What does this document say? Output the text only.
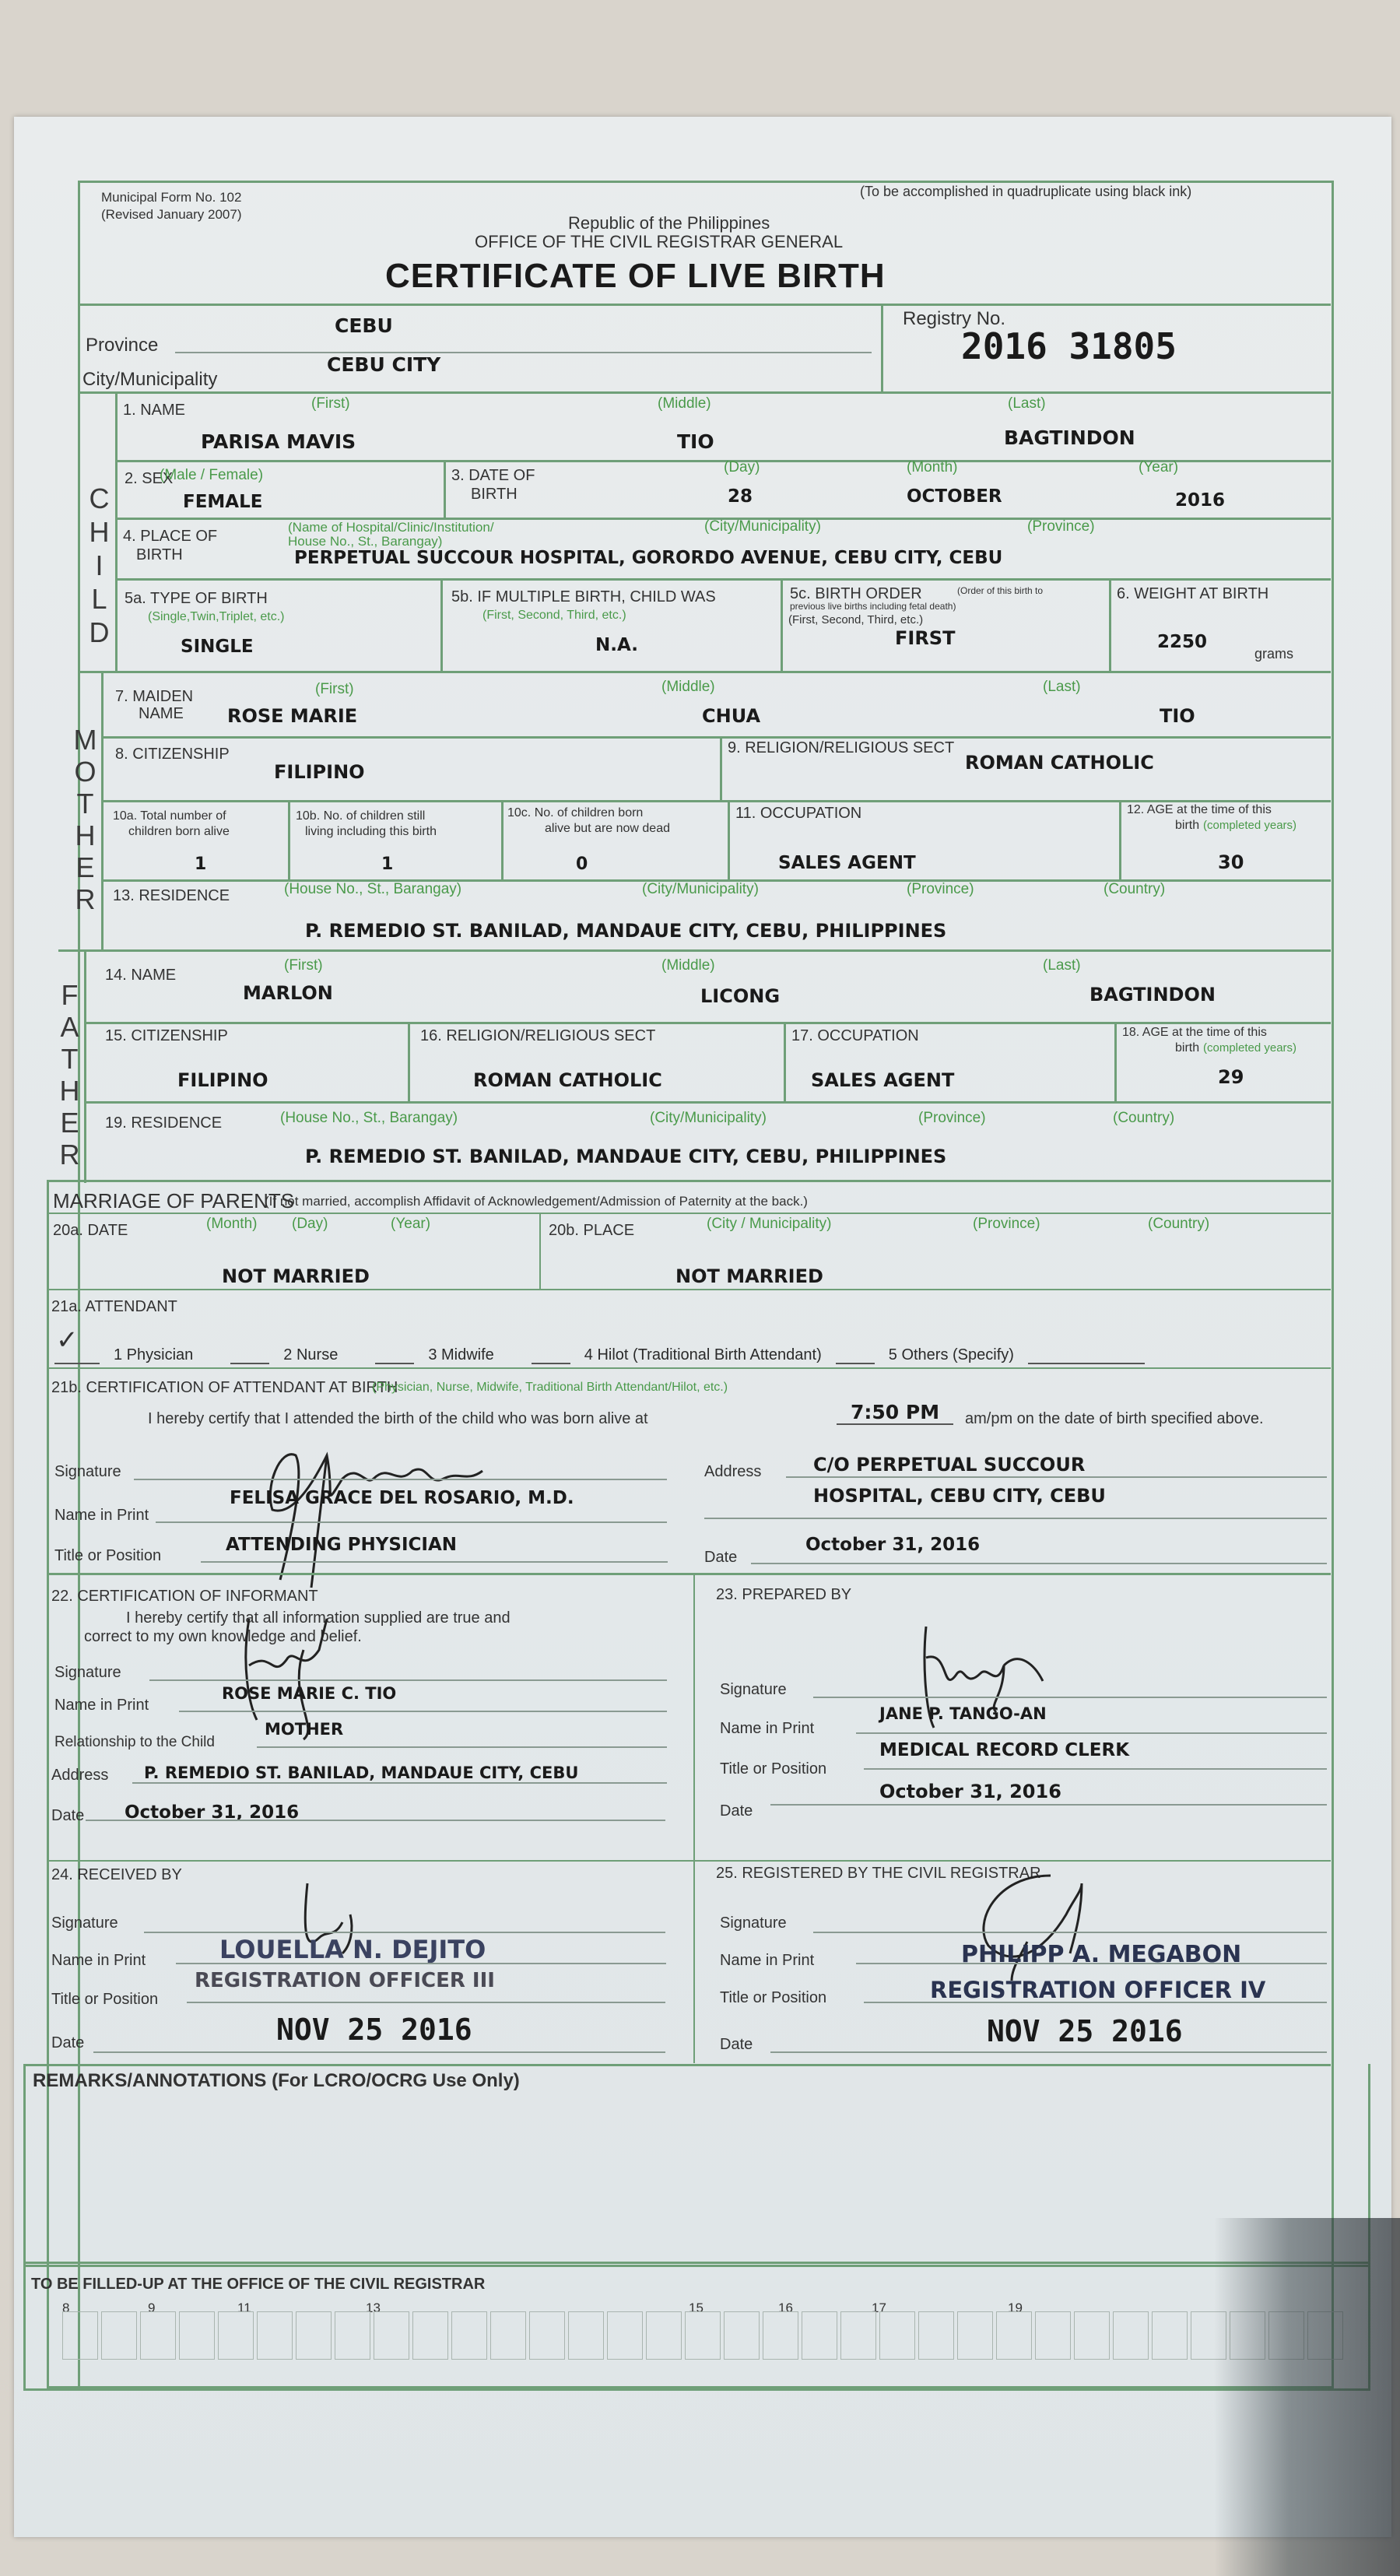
Municipal Form No. 102
(Revised January 2007)
(To be accomplished in quadruplicate using black ink)
Republic of the Philippines
OFFICE OF THE CIVIL REGISTRAR GENERAL
CERTIFICATE OF LIVE BIRTH
Province
CEBU
City/Municipality
CEBU CITY
Registry No.
2016 31805
CHILD
1. NAME	(First)	(Middle)	(Last)
PARISA MAVIS	TIO	BAGTINDON
2. SEX
(Male / Female)
FEMALE
3. DATE OF
BIRTH
(Day)	(Month)	(Year)
28	OCTOBER	2016
4. PLACE OF
BIRTH
(Name of Hospital/Clinic/Institution/
House No., St., Barangay)
(City/Municipality)	(Province)
PERPETUAL SUCCOUR HOSPITAL, GORORDO AVENUE, CEBU CITY, CEBU
5a. TYPE OF BIRTH
(Single,Twin,Triplet, etc.)
SINGLE
5b. IF MULTIPLE BIRTH, CHILD WAS
(First, Second, Third, etc.)
N.A.
5c. BIRTH ORDER	(Order of this birth to
previous live births including fetal death)
(First, Second, Third, etc.)
FIRST
6. WEIGHT AT BIRTH
2250
grams
MOTHER
7. MAIDEN
NAME
(First)	(Middle)	(Last)
ROSE MARIE	CHUA	TIO
8. CITIZENSHIP
FILIPINO
9. RELIGION/RELIGIOUS SECT
ROMAN CATHOLIC
10a. Total number of
children born alive
1
10b. No. of children still
living including this birth
1
10c. No. of children born
alive but are now dead
0
11. OCCUPATION
SALES AGENT
12. AGE at the time of this
birth (completed years)
30
13. RESIDENCE	(House No., St., Barangay)	(City/Municipality)	(Province)	(Country)
P. REMEDIO ST. BANILAD, MANDAUE CITY, CEBU, PHILIPPINES
FATHER
14. NAME
(First)	(Middle)	(Last)
MARLON	LICONG	BAGTINDON
15. CITIZENSHIP
FILIPINO
16. RELIGION/RELIGIOUS SECT
ROMAN CATHOLIC
17. OCCUPATION
SALES AGENT
18. AGE at the time of this
birth (completed years)
29
19. RESIDENCE	(House No., St., Barangay)	(City/Municipality)	(Province)	(Country)
P. REMEDIO ST. BANILAD, MANDAUE CITY, CEBU, PHILIPPINES
MARRIAGE OF PARENTS
(If not married, accomplish Affidavit of Acknowledgement/Admission of Paternity at the back.)
20a. DATE	(Month) (Day)	(Year)	20b. PLACE	(City / Municipality)	(Province)	(Country)
NOT MARRIED	NOT MARRIED
21a. ATTENDANT
✓ 1 Physician	2 Nurse	3 Midwife	4 Hilot (Traditional Birth Attendant)	5 Others (Specify)
21b. CERTIFICATION OF ATTENDANT AT BIRTH
(Physician, Nurse, Midwife, Traditional Birth Attendant/Hilot, etc.)
I hereby certify that I attended the birth of the child who was born alive at	7:50 PM	am/pm on the date of birth specified above.
Signature
Name in Print
FELISA GRACE DEL ROSARIO, M.D.
Title or Position
ATTENDING PHYSICIAN
Address	C/O PERPETUAL SUCCOUR
HOSPITAL, CEBU CITY, CEBU
Date
October 31, 2016
22. CERTIFICATION OF INFORMANT
I hereby certify that all information supplied are true and
correct to my own knowledge and belief.
Signature
Name in Print
ROSE MARIE C. TIO
Relationship to the Child
MOTHER
Address P. REMEDIO ST. BANILAD, MANDAUE CITY, CEBU
Date October 31, 2016
23. PREPARED BY
Signature
Name in Print
JANE P. TANGO-AN
Title or Position
MEDICAL RECORD CLERK
Date
October 31, 2016
24. RECEIVED BY
Signature
Name in Print	LOUELLA N. DEJITO
Title or Position
REGISTRATION OFFICER III
Date	NOV 25 2016
25. REGISTERED BY THE CIVIL REGISTRAR
Signature
Name in Print	PHILIPP A. MEGABON
Title or Position	REGISTRATION OFFICER IV
Date	NOV 25 2016
REMARKS/ANNOTATIONS (For LCRO/OCRG Use Only)
TO BE FILLED-UP AT THE OFFICE OF THE CIVIL REGISTRAR
8	9	11	13	15	16	17	19
